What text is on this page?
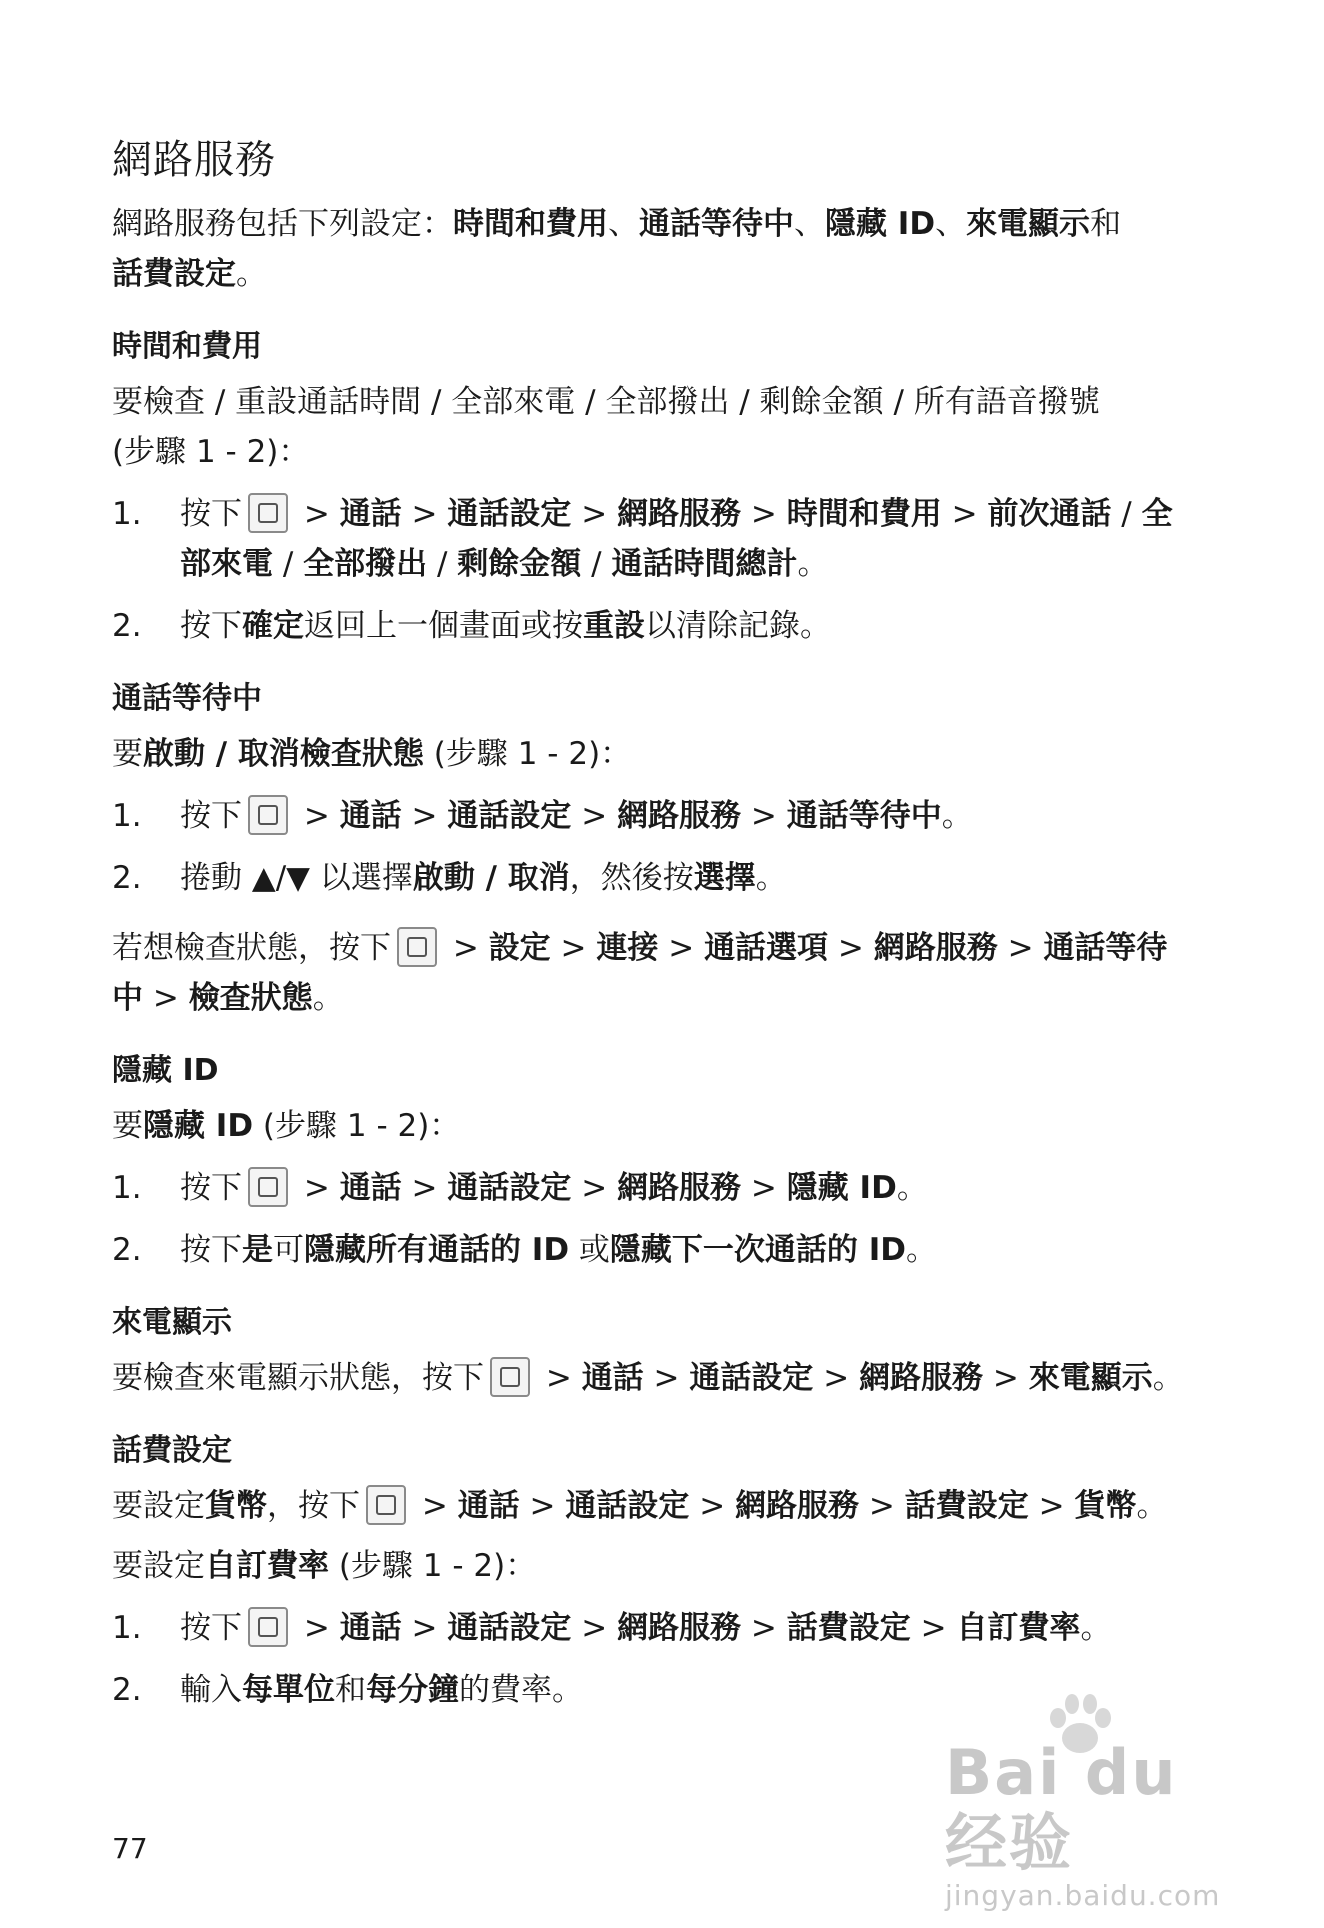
網路服務

網路服務包括下列設定：時間和費用、通話等待中、隱藏 ID、來電顯示和
話費設定。

時間和費用

要檢查 / 重設通話時間 / 全部來電 / 全部撥出 / 剩餘金額 / 所有語音撥號 (步驟 1 - 2)：

1. 按下 > 通話 > 通話設定 > 網路服務 > 時間和費用 > 前次通話 / 全部來電 / 全部撥出 / 剩餘金額 / 通話時間總計。
2. 按下確定返回上一個畫面或按重設以清除記錄。
通話等待中

要啟動 / 取消檢查狀態 (步驟 1 - 2)：

1. 按下 > 通話 > 通話設定 > 網路服務 > 通話等待中。
2. 捲動 ▲/▼ 以選擇啟動 / 取消，然後按選擇。

若想檢查狀態，按下 > 設定 > 連接 > 通話選項 > 網路服務 > 通話等待中 > 檢查狀態。

隱藏 ID

要隱藏 ID (步驟 1 - 2)：

1. 按下 > 通話 > 通話設定 > 網路服務 > 隱藏 ID。
2. 按下是可隱藏所有通話的 ID 或隱藏下一次通話的 ID。
來電顯示

要檢查來電顯示狀態，按下 > 通話 > 通話設定 > 網路服務 > 來電顯示。

話費設定

要設定貨幣，按下 > 通話 > 通話設定 > 網路服務 > 話費設定 > 貨幣。

要設定自訂費率 (步驟 1 - 2)：

1. 按下 > 通話 > 通話設定 > 網路服務 > 話費設定 > 自訂費率。
2. 輸入每單位和每分鐘的費率。
77
Bai du 经验
jingyan.baidu.com
